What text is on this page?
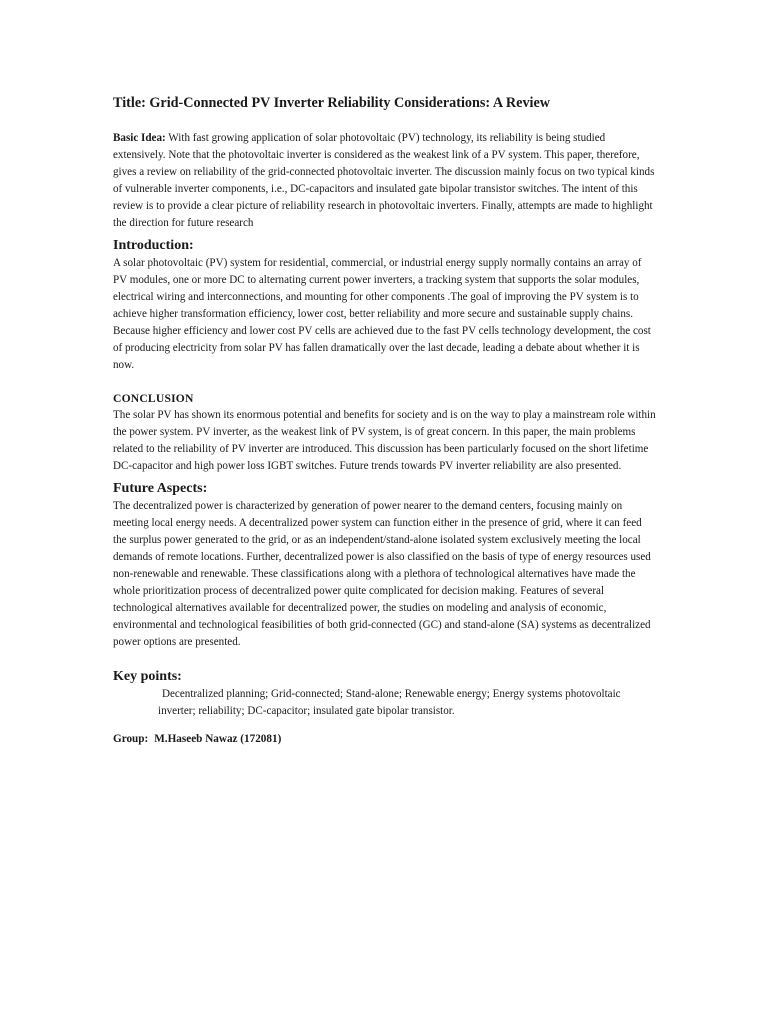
Title: Grid-Connected PV Inverter Reliability Considerations: A Review

Basic Idea: With fast growing application of solar photovoltaic (PV) technology, its reliability is being studied extensively. Note that the photovoltaic inverter is considered as the weakest link of a PV system. This paper, therefore, gives a review on reliability of the grid-connected photovoltaic inverter. The discussion mainly focus on two typical kinds of vulnerable inverter components, i.e., DC-capacitors and insulated gate bipolar transistor switches. The intent of this review is to provide a clear picture of reliability research in photovoltaic inverters. Finally, attempts are made to highlight the direction for future research

Introduction:

A solar photovoltaic (PV) system for residential, commercial, or industrial energy supply normally contains an array of PV modules, one or more DC to alternating current power inverters, a tracking system that supports the solar modules, electrical wiring and interconnections, and mounting for other components .The goal of improving the PV system is to achieve higher transformation efficiency, lower cost, better reliability and more secure and sustainable supply chains. Because higher efficiency and lower cost PV cells are achieved due to the fast PV cells technology development, the cost of producing electricity from solar PV has fallen dramatically over the last decade, leading a debate about whether it is now.

CONCLUSION

The solar PV has shown its enormous potential and benefits for society and is on the way to play a mainstream role within the power system. PV inverter, as the weakest link of PV system, is of great concern. In this paper, the main problems related to the reliability of PV inverter are introduced. This discussion has been particularly focused on the short lifetime DC-capacitor and high power loss IGBT switches. Future trends towards PV inverter reliability are also presented.

Future Aspects:

The decentralized power is characterized by generation of power nearer to the demand centers, focusing mainly on meeting local energy needs. A decentralized power system can function either in the presence of grid, where it can feed the surplus power generated to the grid, or as an independent/stand-alone isolated system exclusively meeting the local demands of remote locations. Further, decentralized power is also classified on the basis of type of energy resources used non-renewable and renewable. These classifications along with a plethora of technological alternatives have made the whole prioritization process of decentralized power quite complicated for decision making. Features of several technological alternatives available for decentralized power, the studies on modeling and analysis of economic, environmental and technological feasibilities of both grid-connected (GC) and stand-alone (SA) systems as decentralized power options are presented.

Key points:

Decentralized planning; Grid-connected; Stand-alone; Renewable energy; Energy systems photovoltaic inverter; reliability; DC-capacitor; insulated gate bipolar transistor.

Group: M.Haseeb Nawaz (172081)
